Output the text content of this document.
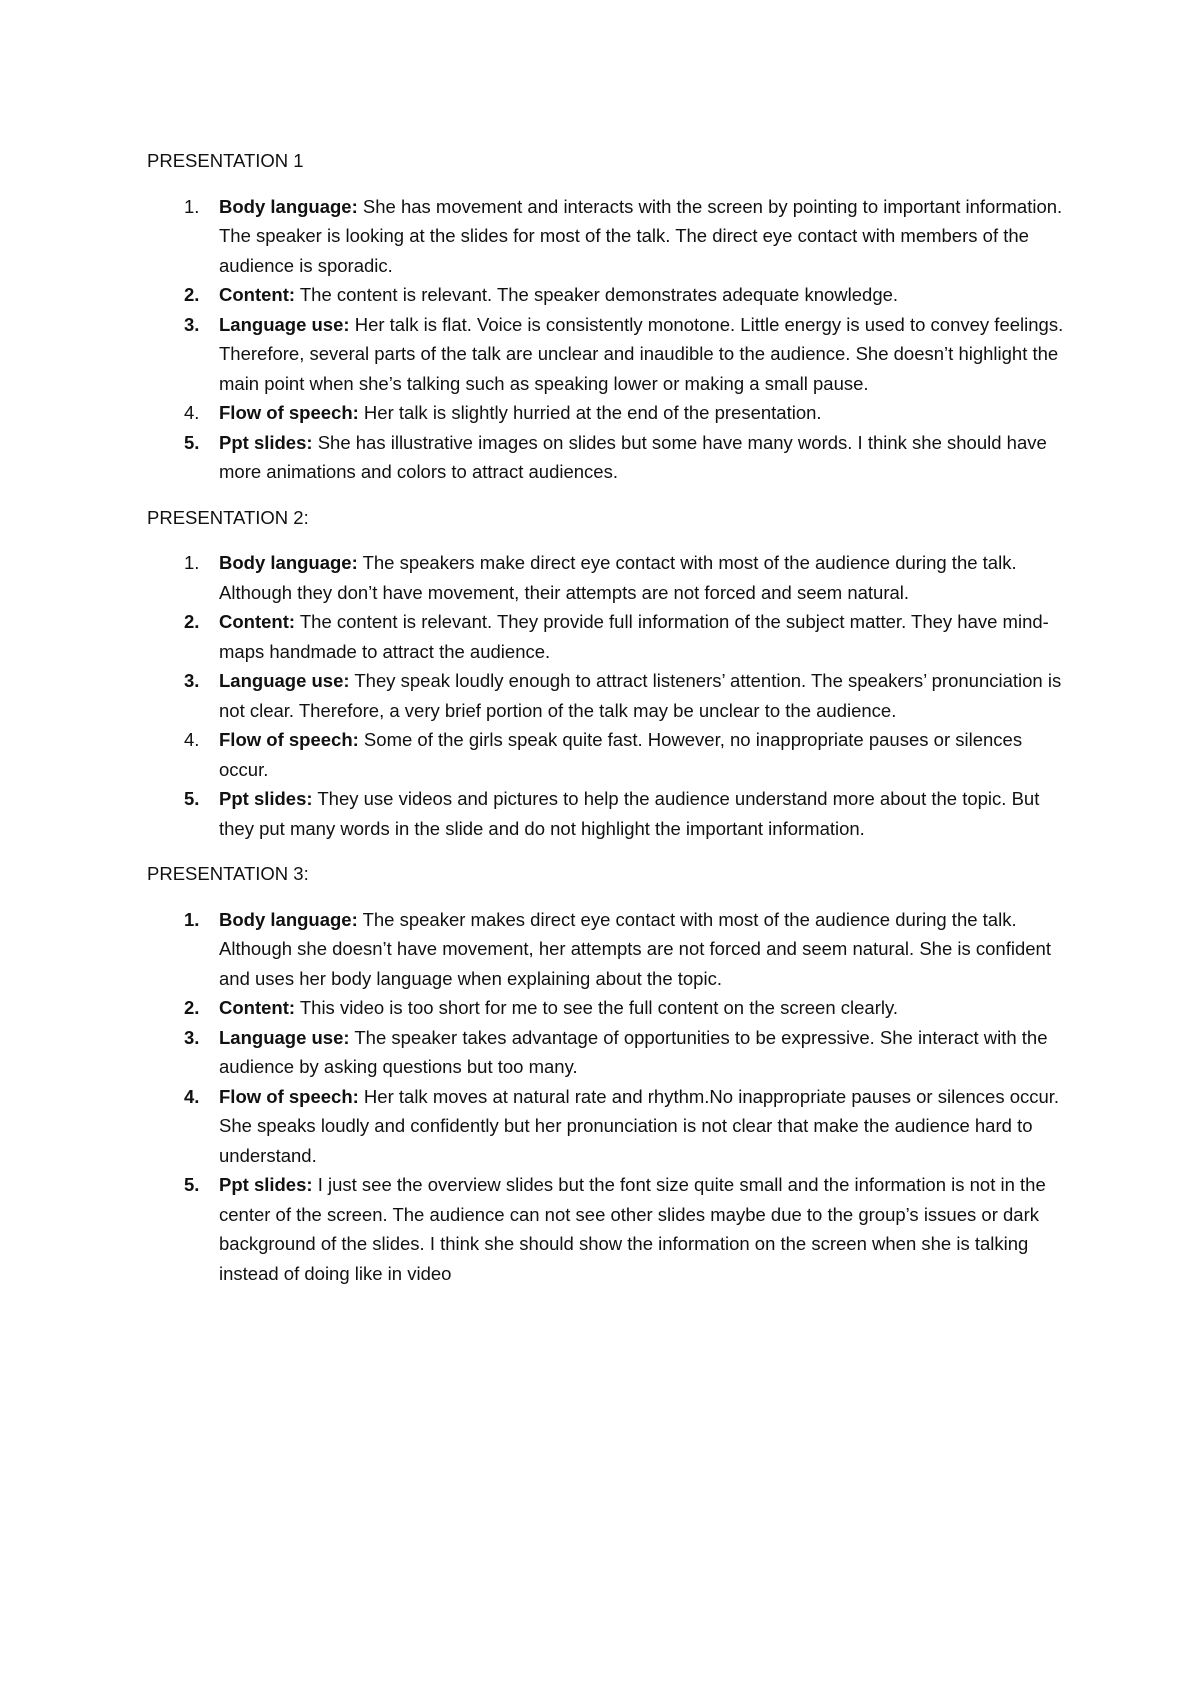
PRESENTATION 1
1. Body language: She has movement and interacts with the screen by pointing to important information. The speaker is looking at the slides for most of the talk. The direct eye contact with members of the audience is sporadic.
2. Content: The content is relevant. The speaker demonstrates adequate knowledge.
3. Language use: Her talk is flat. Voice is consistently monotone. Little energy is used to convey feelings. Therefore, several parts of the talk are unclear and inaudible to the audience. She doesn’t highlight the main point when she’s talking such as speaking lower or making a small pause.
4. Flow of speech: Her talk is slightly hurried at the end of the presentation.
5. Ppt slides: She has illustrative images on slides but some have many words. I think she should have more animations and colors to attract audiences.
PRESENTATION 2:
1. Body language: The speakers make direct eye contact with most of the audience during the talk. Although they don’t have movement, their attempts are not forced and seem natural.
2. Content: The content is relevant. They provide full information of the subject matter. They have mind-maps handmade to attract the audience.
3. Language use: They speak loudly enough to attract listeners’ attention. The speakers’ pronunciation is not clear. Therefore, a very brief portion of the talk may be unclear to the audience.
4. Flow of speech: Some of the girls speak quite fast. However, no inappropriate pauses or silences occur.
5. Ppt slides: They use videos and pictures to help the audience understand more about the topic. But they put many words in the slide and do not highlight the important information.
PRESENTATION 3:
1. Body language: The speaker makes direct eye contact with most of the audience during the talk. Although she doesn’t have movement, her attempts are not forced and seem natural. She is confident and uses her body language when explaining about the topic.
2. Content: This video is too short for me to see the full content on the screen clearly.
3. Language use: The speaker takes advantage of opportunities to be expressive. She interact with the audience by asking questions but too many.
4. Flow of speech: Her talk moves at natural rate and rhythm.No inappropriate pauses or silences occur. She speaks loudly and confidently but her pronunciation is not clear that make the audience hard to understand.
5. Ppt slides: I just see the overview slides but the font size quite small and the information is not in the center of the screen. The audience can not see other slides maybe due to the group’s issues or dark background of the slides. I think she should show the information on the screen when she is talking instead of doing like in video
